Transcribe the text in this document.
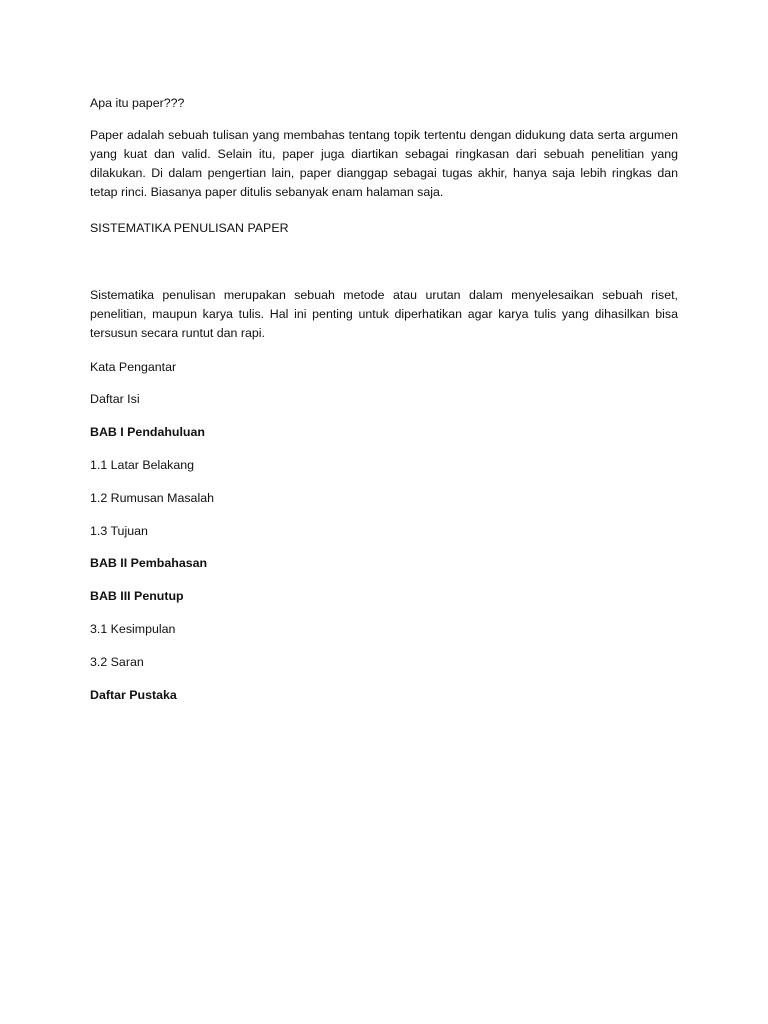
Apa itu paper???

Paper adalah sebuah tulisan yang membahas tentang topik tertentu dengan didukung data serta argumen yang kuat dan valid. Selain itu, paper juga diartikan sebagai ringkasan dari sebuah penelitian yang dilakukan. Di dalam pengertian lain, paper dianggap sebagai tugas akhir, hanya saja lebih ringkas dan tetap rinci. Biasanya paper ditulis sebanyak enam halaman saja.

SISTEMATIKA PENULISAN PAPER

Sistematika penulisan merupakan sebuah metode atau urutan dalam menyelesaikan sebuah riset, penelitian, maupun karya tulis. Hal ini penting untuk diperhatikan agar karya tulis yang dihasilkan bisa tersusun secara runtut dan rapi.

Kata Pengantar

Daftar Isi

BAB I Pendahuluan

1.1 Latar Belakang

1.2 Rumusan Masalah

1.3 Tujuan

BAB II Pembahasan

BAB III Penutup

3.1 Kesimpulan

3.2 Saran

Daftar Pustaka
